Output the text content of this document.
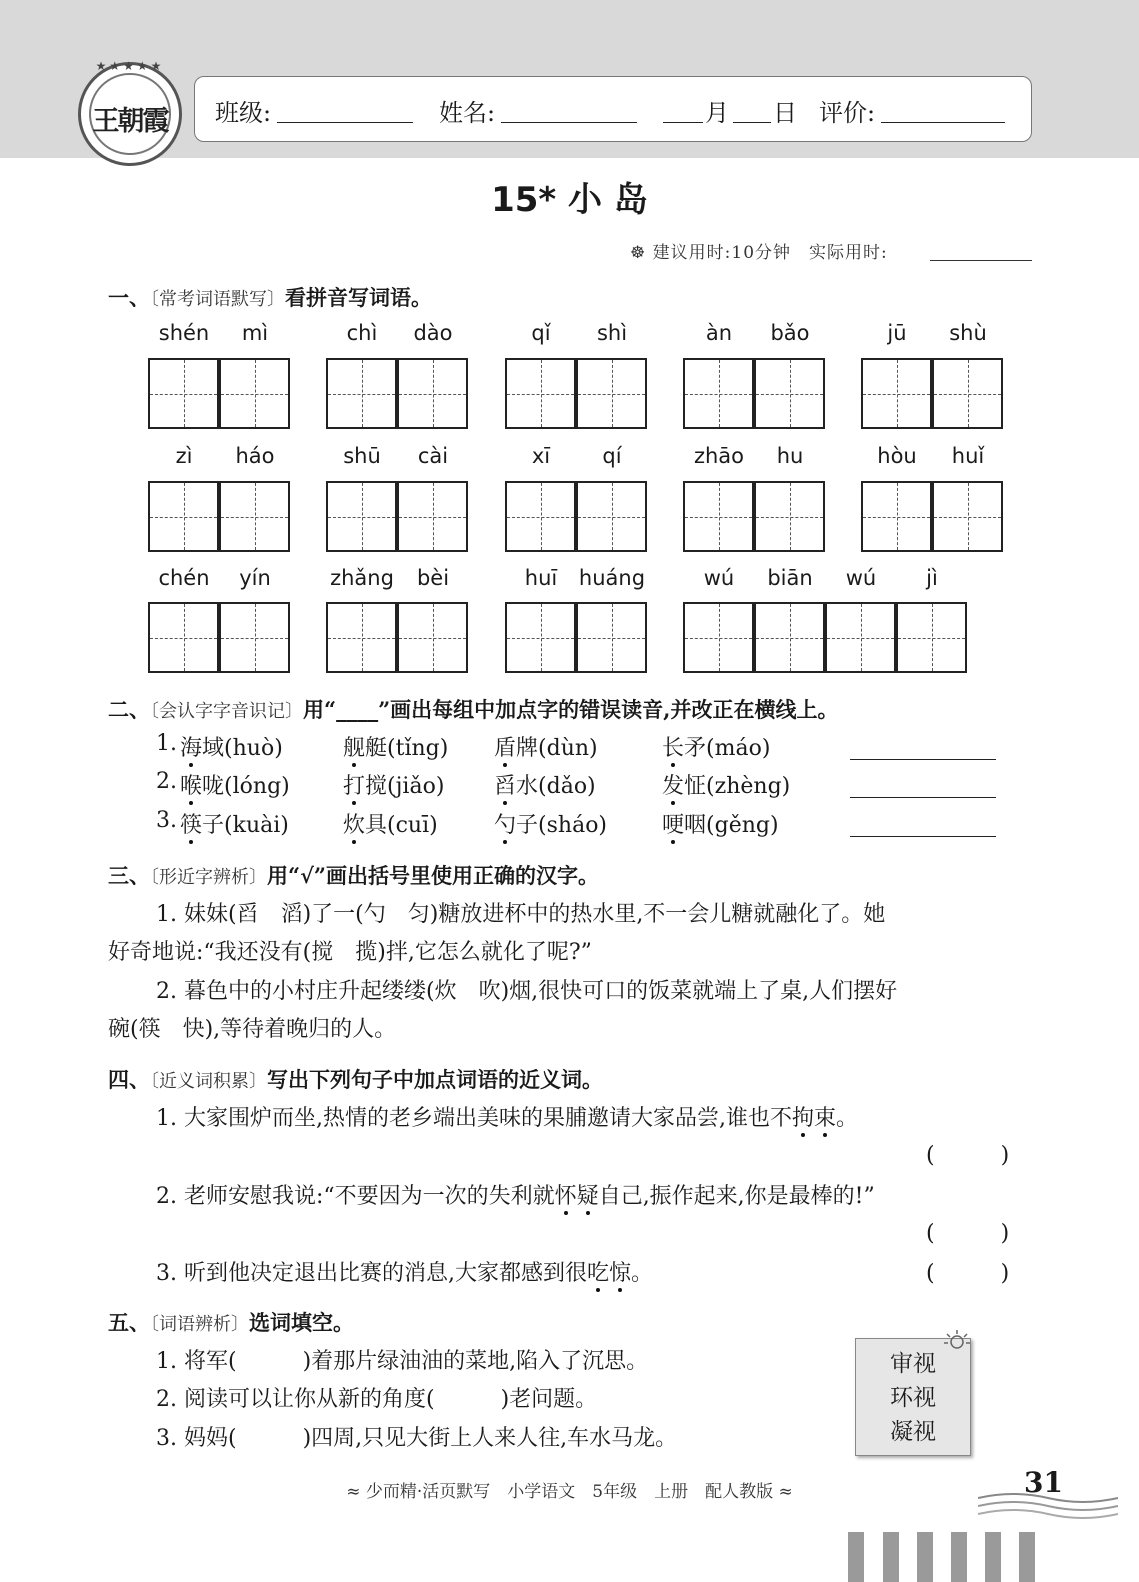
★★★★★
王朝霞	班级:	姓名:	月 日 评价:
15* 小 岛
☸ 建议用时:10分钟　实际用时:
一、〔常考词语默写〕看拼音写词语。
shén	mì	chì	dào	qǐ	shì	àn	bǎo	jū	shù
zì	háo	shū	cài	xī	qí	zhāo	hu	hòu	huǐ
chén	yín	zhǎng	bèi	huī	huáng	wú	biān	wú	jì
二、〔会认字字音识记〕用“____”画出每组中加点字的错误读音,并改正在横线上。
1. 海域(huò)	舰艇(tǐng) 盾牌(dùn)	长矛(máo)
2. 喉咙(lóng) 打搅(jiǎo) 舀水(dǎo)	发怔(zhèng)
3. 筷子(kuài) 炊具(cuī)	勺子(sháo) 哽咽(gěng)
三、〔形近字辨析〕用“√”画出括号里使用正确的汉字。
1. 妹妹(舀　滔)了一(勺　匀)糖放进杯中的热水里,不一会儿糖就融化了。她
好奇地说:“我还没有(搅　揽)拌,它怎么就化了呢?”
2. 暮色中的小村庄升起缕缕(炊　吹)烟,很快可口的饭菜就端上了桌,人们摆好
碗(筷　快),等待着晚归的人。
四、〔近义词积累〕写出下列句子中加点词语的近义词。
1. 大家围炉而坐,热情的老乡端出美味的果脯邀请大家品尝,谁也不拘束。
(　　　)
2. 老师安慰我说:“不要因为一次的失利就怀疑自己,振作起来,你是最棒的!”
(　　　)
3. 听到他决定退出比赛的消息,大家都感到很吃惊。	(　　　)
五、〔词语辨析〕选词填空。
1. 将军(　　　)着那片绿油油的菜地,陷入了沉思。
2. 阅读可以让你从新的角度(　　　)老问题。
3. 妈妈(　　　)四周,只见大街上人来人往,车水马龙。
审视
环视
凝视
≈ 少而精·活页默写　小学语文　5年级　上册　配人教版 ≈	31
